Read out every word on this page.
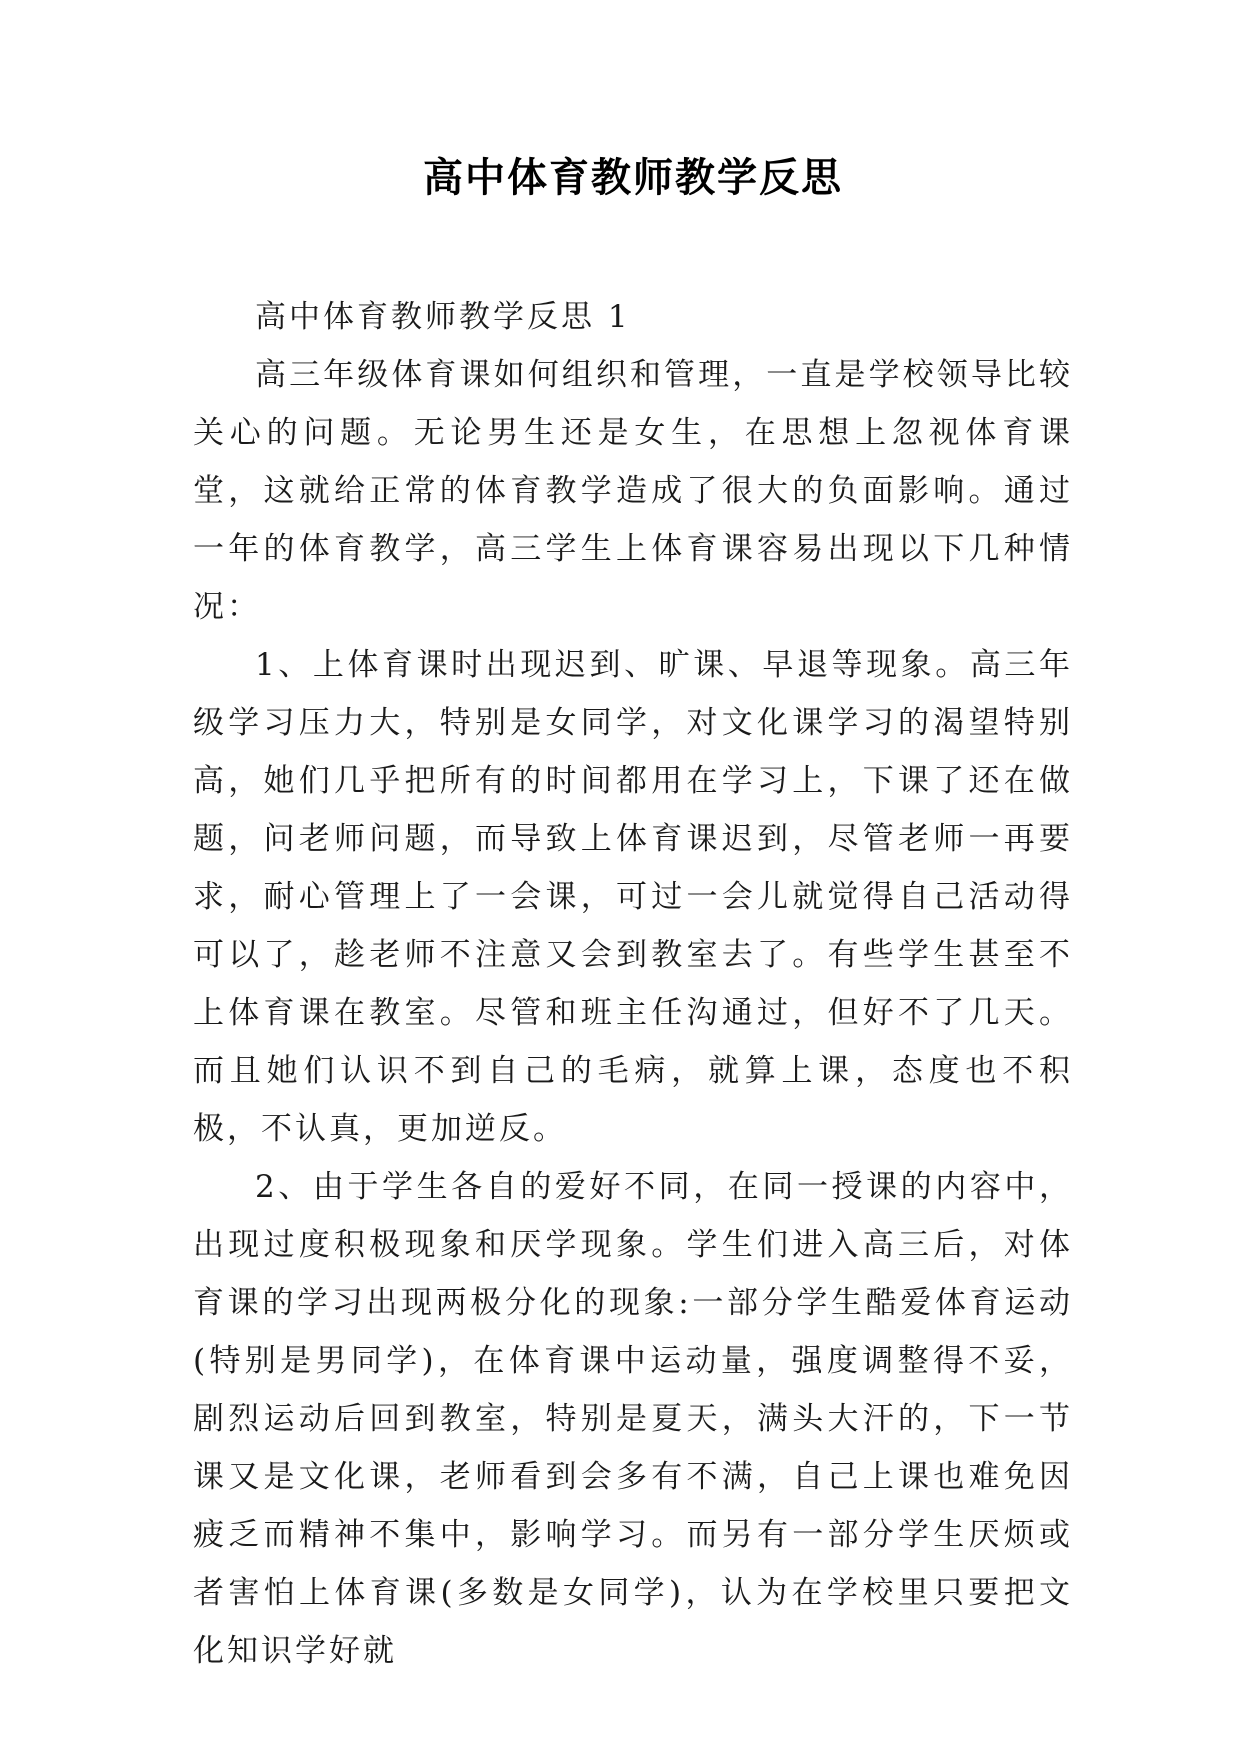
高中体育教师教学反思

高中体育教师教学反思 1

高三年级体育课如何组织和管理，一直是学校领导比较关心的问题。无论男生还是女生，在思想上忽视体育课堂，这就给正常的体育教学造成了很大的负面影响。通过一年的体育教学，高三学生上体育课容易出现以下几种情况：

1、上体育课时出现迟到、旷课、早退等现象。高三年级学习压力大，特别是女同学，对文化课学习的渴望特别高，她们几乎把所有的时间都用在学习上，下课了还在做题，问老师问题，而导致上体育课迟到，尽管老师一再要求，耐心管理上了一会课，可过一会儿就觉得自己活动得可以了，趁老师不注意又会到教室去了。有些学生甚至不上体育课在教室。尽管和班主任沟通过，但好不了几天。而且她们认识不到自己的毛病，就算上课，态度也不积极，不认真，更加逆反。

2、由于学生各自的爱好不同，在同一授课的内容中，出现过度积极现象和厌学现象。学生们进入高三后，对体育课的学习出现两极分化的现象:一部分学生酷爱体育运动(特别是男同学)，在体育课中运动量，强度调整得不妥，剧烈运动后回到教室，特别是夏天，满头大汗的，下一节课又是文化课，老师看到会多有不满，自己上课也难免因疲乏而精神不集中，影响学习。而另有一部分学生厌烦或者害怕上体育课(多数是女同学)，认为在学校里只要把文化知识学好就
